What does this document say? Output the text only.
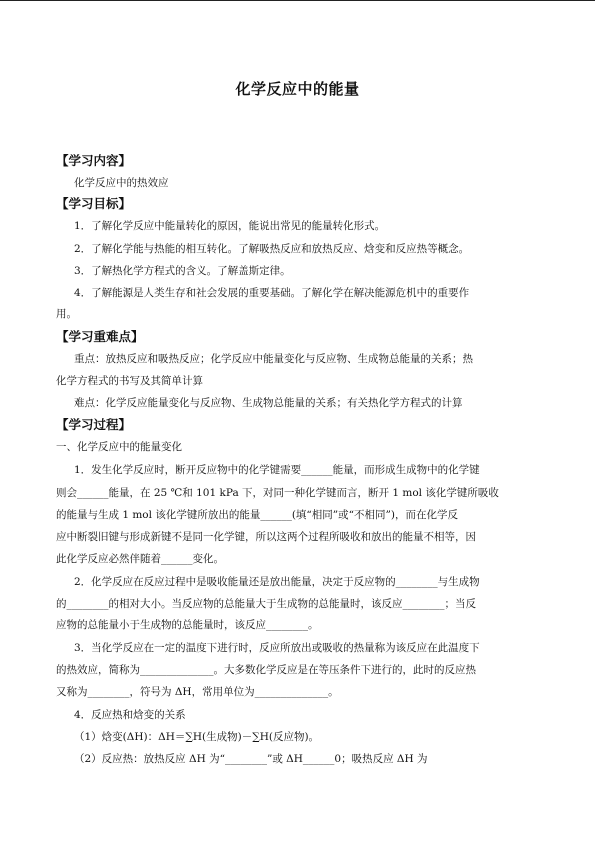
化学反应中的能量
【学习内容】
化学反应中的热效应
【学习目标】
1．了解化学反应中能量转化的原因，能说出常见的能量转化形式。
2．了解化学能与热能的相互转化。了解吸热反应和放热反应、焓变和反应热等概念。
3．了解热化学方程式的含义。了解盖斯定律。
4．了解能源是人类生存和社会发展的重要基础。了解化学在解决能源危机中的重要作
用。
【学习重难点】
重点：放热反应和吸热反应；化学反应中能量变化与反应物、生成物总能量的关系；热
化学方程式的书写及其简单计算
难点：化学反应能量变化与反应物、生成物总能量的关系；有关热化学方程式的计算
【学习过程】
一、化学反应中的能量变化
1．发生化学反应时，断开反应物中的化学键需要______能量，而形成生成物中的化学键
则会______能量，在 25 ℃和 101 kPa 下，对同一种化学键而言，断开 1 mol 该化学键所吸收
的能量与生成 1 mol 该化学键所放出的能量______(填“相同”或“不相同”)，而在化学反
应中断裂旧键与形成新键不是同一化学键，所以这两个过程所吸收和放出的能量不相等，因
此化学反应必然伴随着______变化。
2．化学反应在反应过程中是吸收能量还是放出能量，决定于反应物的________与生成物
的________的相对大小。当反应物的总能量大于生成物的总能量时，该反应________；当反
应物的总能量小于生成物的总能量时，该反应________。
3．当化学反应在一定的温度下进行时，反应所放出或吸收的热量称为该反应在此温度下
的热效应，简称为______________。大多数化学反应是在等压条件下进行的，此时的反应热
又称为________，符号为 ΔH，常用单位为______________。
4．反应热和焓变的关系
（1）焓变(ΔH)：ΔH＝∑H(生成物)－∑H(反应物)。
（2）反应热：放热反应 ΔH 为“________”或 ΔH______0；吸热反应 ΔH 为
